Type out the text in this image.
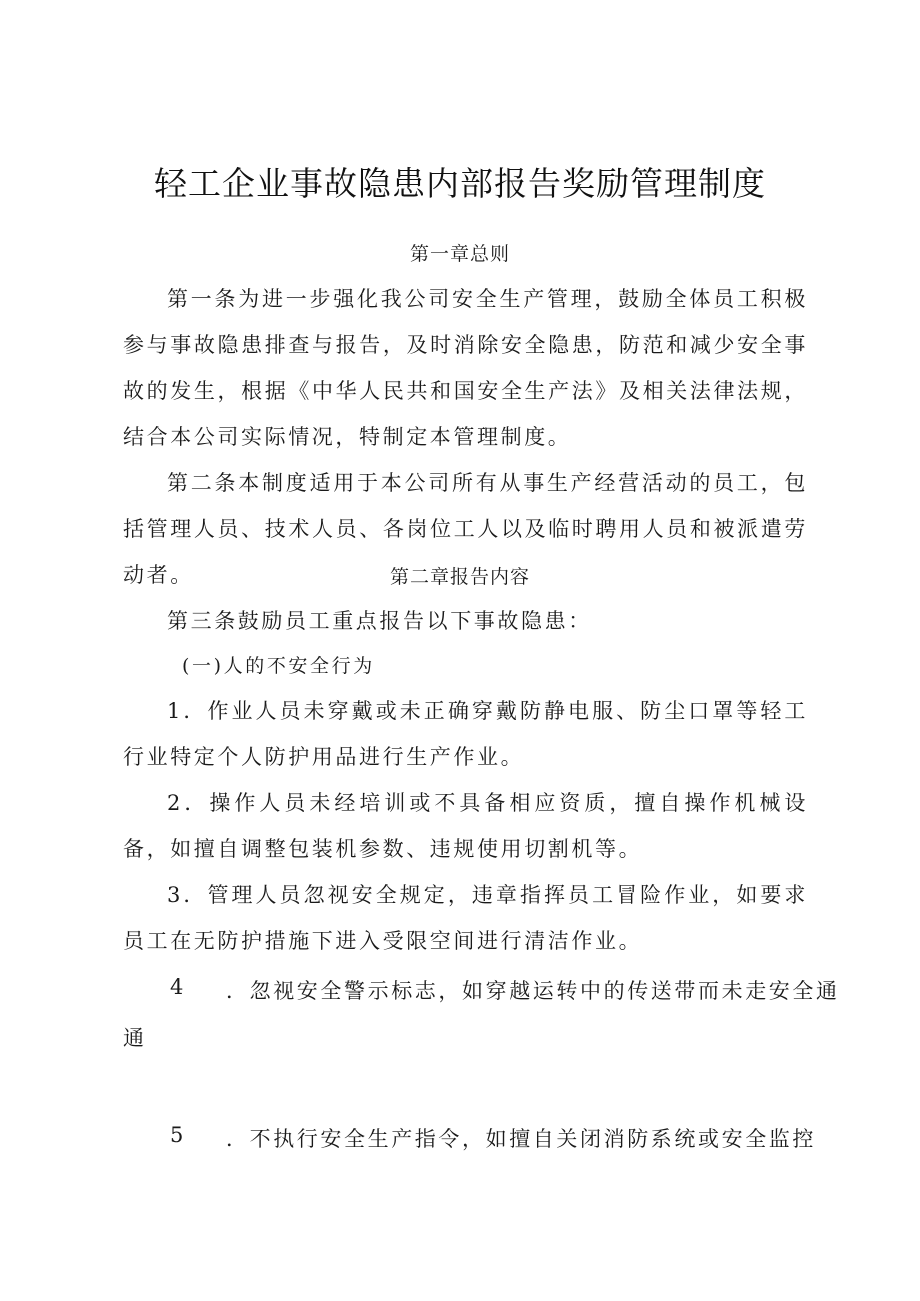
轻工企业事故隐患内部报告奖励管理制度
第一章总则
第一条为进一步强化我公司安全生产管理，鼓励全体员工积极参与事故隐患排查与报告，及时消除安全隐患，防范和减少安全事故的发生，根据《中华人民共和国安全生产法》及相关法律法规，结合本公司实际情况，特制定本管理制度。
第二条本制度适用于本公司所有从事生产经营活动的员工，包括管理人员、技术人员、各岗位工人以及临时聘用人员和被派遣劳动者。	第二章报告内容
第三条鼓励员工重点报告以下事故隐患：
(一)人的不安全行为
1．作业人员未穿戴或未正确穿戴防静电服、防尘口罩等轻工行业特定个人防护用品进行生产作业。
2．操作人员未经培训或不具备相应资质，擅自操作机械设备，如擅自调整包装机参数、违规使用切割机等。
3．管理人员忽视安全规定，违章指挥员工冒险作业，如要求员工在无防护措施下进入受限空间进行清洁作业。
4 ．忽视安全警示标志，如穿越运转中的传送带而未走安全通
通
5 ．不执行安全生产指令，如擅自关闭消防系统或安全监控
